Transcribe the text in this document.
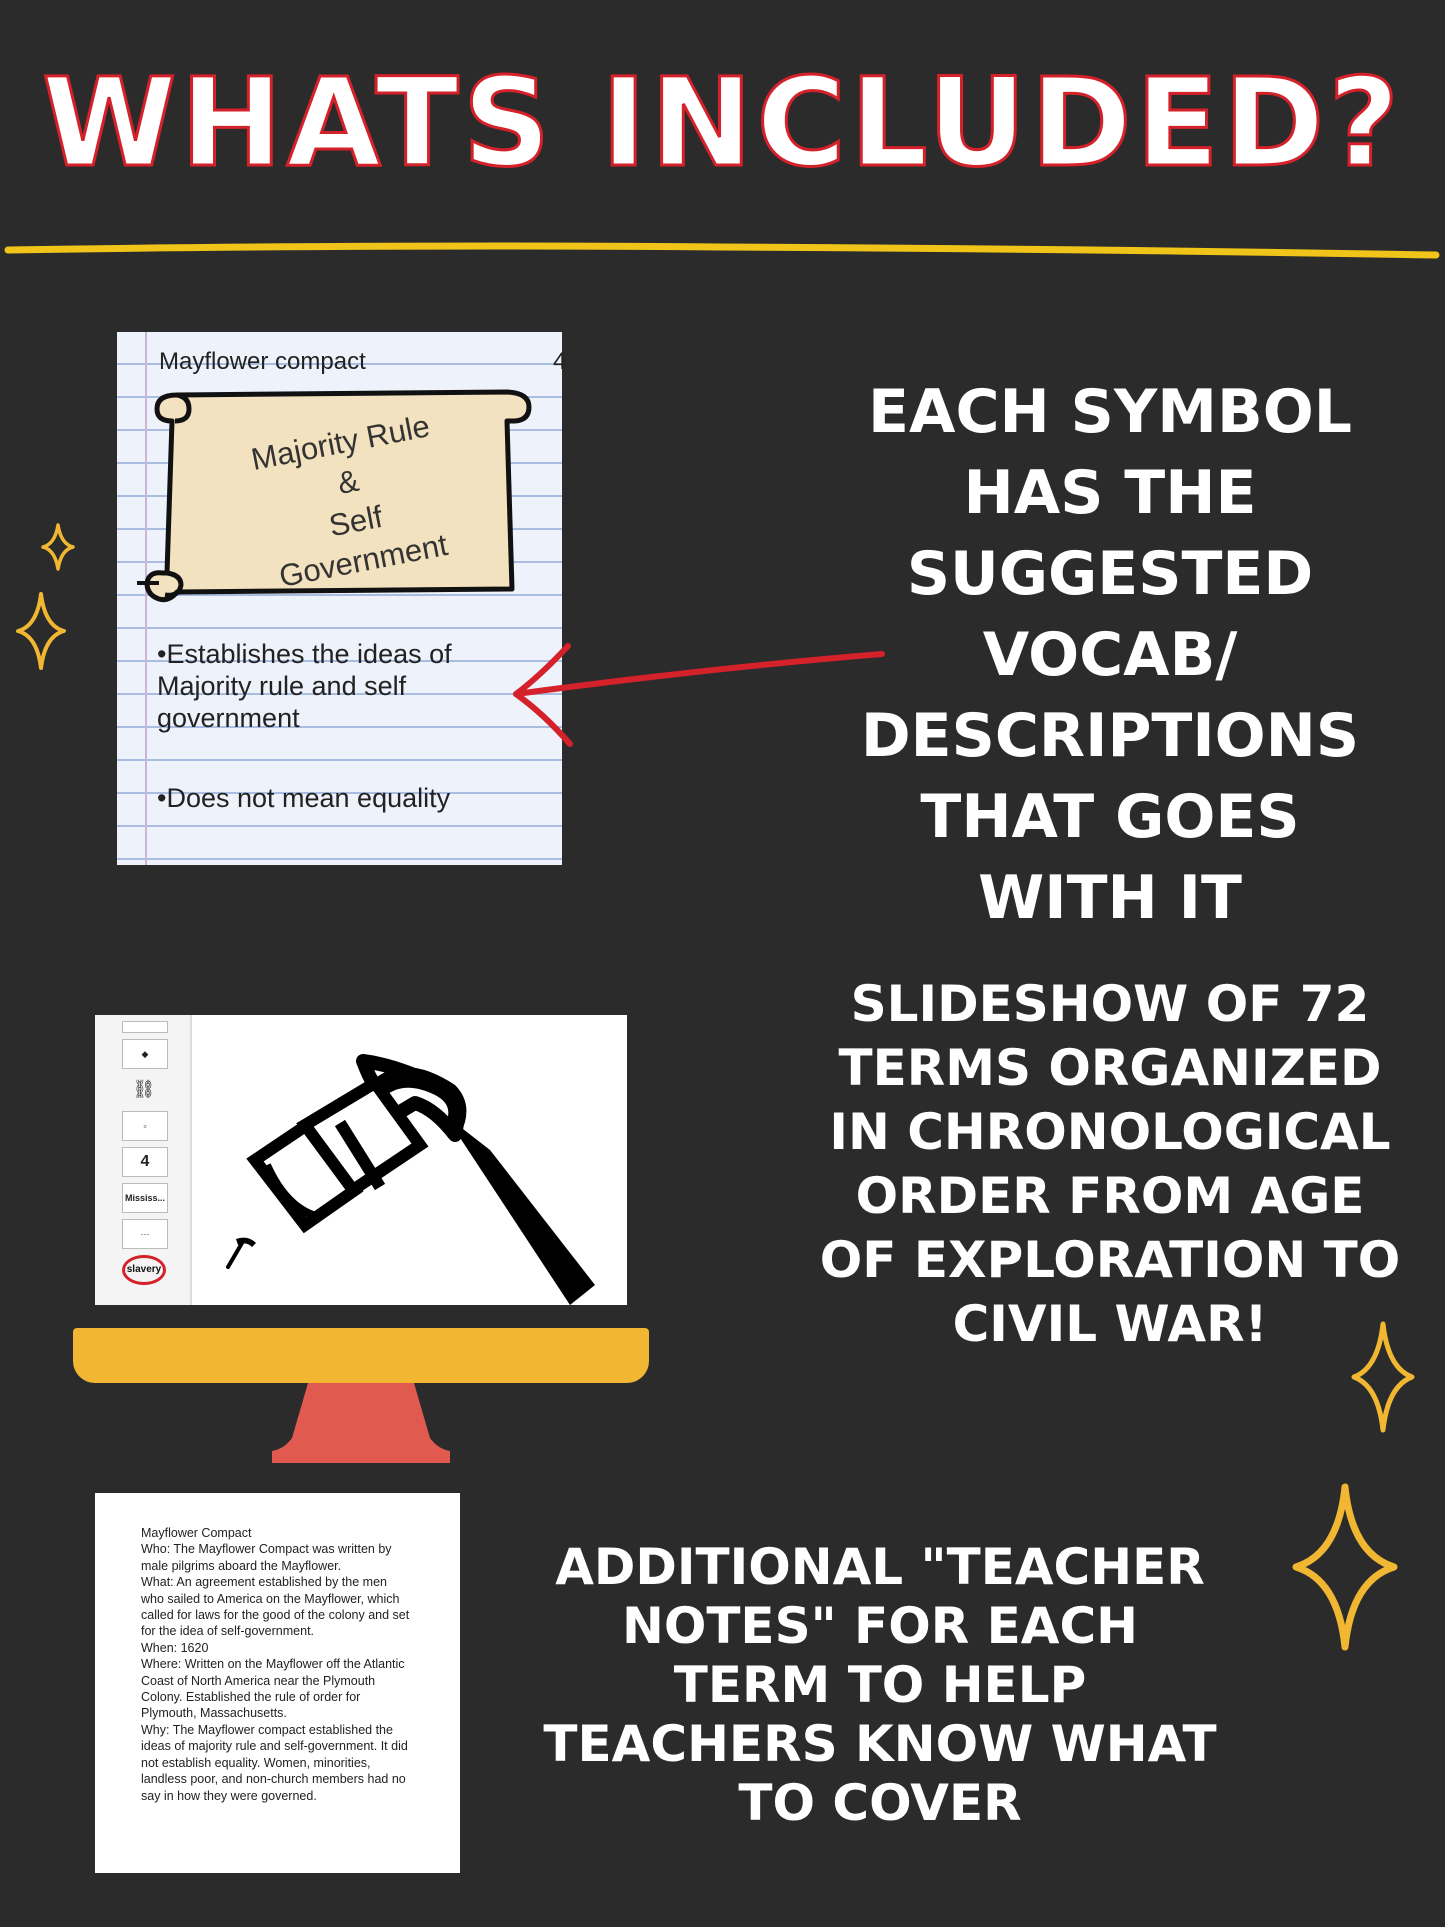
WHATS INCLUDED?
Mayflower compact	4
Majority Rule
&
Self
Government
•Establishes the ideas of Majority rule and self government
•Does not mean equality
EACH SYMBOL
HAS THE
SUGGESTED
VOCAB/
DESCRIPTIONS
THAT GOES
WITH IT
◆
⛓
▫
4
Mississ...
···
slavery
SLIDESHOW OF 72
TERMS ORGANIZED
IN CHRONOLOGICAL
ORDER FROM AGE
OF EXPLORATION TO
CIVIL WAR!
Mayflower Compact
Who: The Mayflower Compact was written by male pilgrims aboard the Mayflower.
What: An agreement established by the men who sailed to America on the Mayflower, which called for laws for the good of the colony and set for the idea of self-government.
When: 1620
Where: Written on the Mayflower off the Atlantic Coast of North America near the Plymouth Colony. Established the rule of order for Plymouth, Massachusetts.
Why: The Mayflower compact established the ideas of majority rule and self-government. It did not establish equality. Women, minorities, landless poor, and non-church members had no say in how they were governed.
ADDITIONAL "TEACHER
NOTES" FOR EACH
TERM TO HELP
TEACHERS KNOW WHAT
TO COVER
